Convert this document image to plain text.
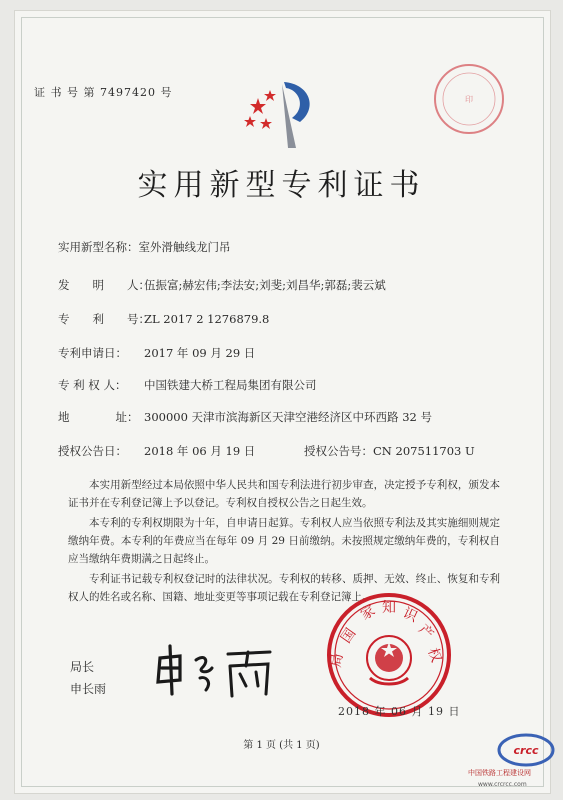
证 书 号 第 7497420 号
印
实用新型专利证书
实用新型名称：室外滑触线龙门吊
发　　明　　人：伍振富;赫宏伟;李法安;刘斐;刘昌华;郭磊;裴云斌
专　　利　　号：ZL 2017 2 1276879.8
专利申请日： 2017 年 09 月 29 日
专 利 权 人： 中国铁建大桥工程局集团有限公司
地　　　　址： 300000 天津市滨海新区天津空港经济区中环西路 32 号
授权公告日： 2018 年 06 月 19 日	授权公告号：CN 207511703 U
本实用新型经过本局依照中华人民共和国专利法进行初步审查，决定授予专利权，颁发本证书并在专利登记簿上予以登记。专利权自授权公告之日起生效。
本专利的专利权期限为十年，自申请日起算。专利权人应当依照专利法及其实施细则规定缴纳年费。本专利的年费应当在每年 09 月 29 日前缴纳。未按照规定缴纳年费的，专利权自应当缴纳年费期满之日起终止。
专利证书记载专利权登记时的法律状况。专利权的转移、质押、无效、终止、恢复和专利权人的姓名或名称、国籍、地址变更等事项记载在专利登记簿上。
局长
申长雨
国
家 知 识
产
权
局
2018 年 06 月 19 日
第 1 页 (共 1 页)	crcc
中国铁路工程建设网
www.crcrcc.com
